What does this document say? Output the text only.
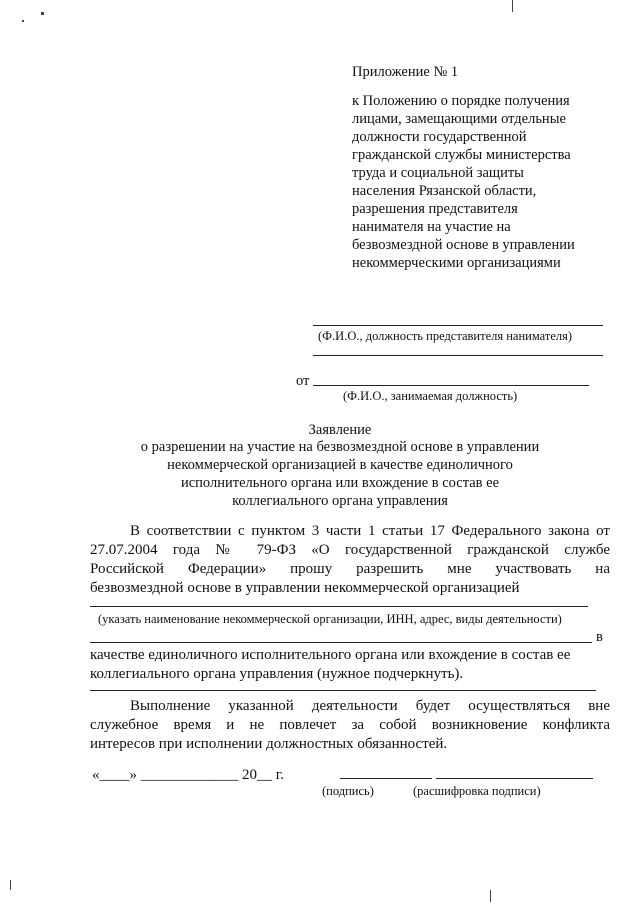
Приложение № 1
к Положению о порядке получения
лицами, замещающими отдельные
должности государственной
гражданской службы министерства
труда и социальной защиты
населения Рязанской области,
разрешения представителя
нанимателя на участие на
безвозмездной основе в управлении
некоммерческими организациями
(Ф.И.О., должность представителя нанимателя)
от
(Ф.И.О., занимаемая должность)
Заявление
о разрешении на участие на безвозмездной основе в управлении
некоммерческой организацией в качестве единоличного
исполнительного органа или вхождение в состав ее
коллегиального органа управления
В соответствии с пунктом 3 части 1 статьи 17 Федерального закона от
27.07.2004 года № 79-ФЗ «О государственной гражданской службе
Российской Федерации» прошу разрешить мне участвовать на
безвозмездной основе в управлении некоммерческой организацией
(указать наименование некоммерческой организации, ИНН, адрес, виды деятельности)
в
качестве единоличного исполнительного органа или вхождение в состав ее
коллегиального органа управления (нужное подчеркнуть).
Выполнение указанной деятельности будет осуществляться вне
служебное время и не повлечет за собой возникновение конфликта
интересов при исполнении должностных обязанностей.
«____» _____________ 20__ г.
(подпись)	(расшифровка подписи)
